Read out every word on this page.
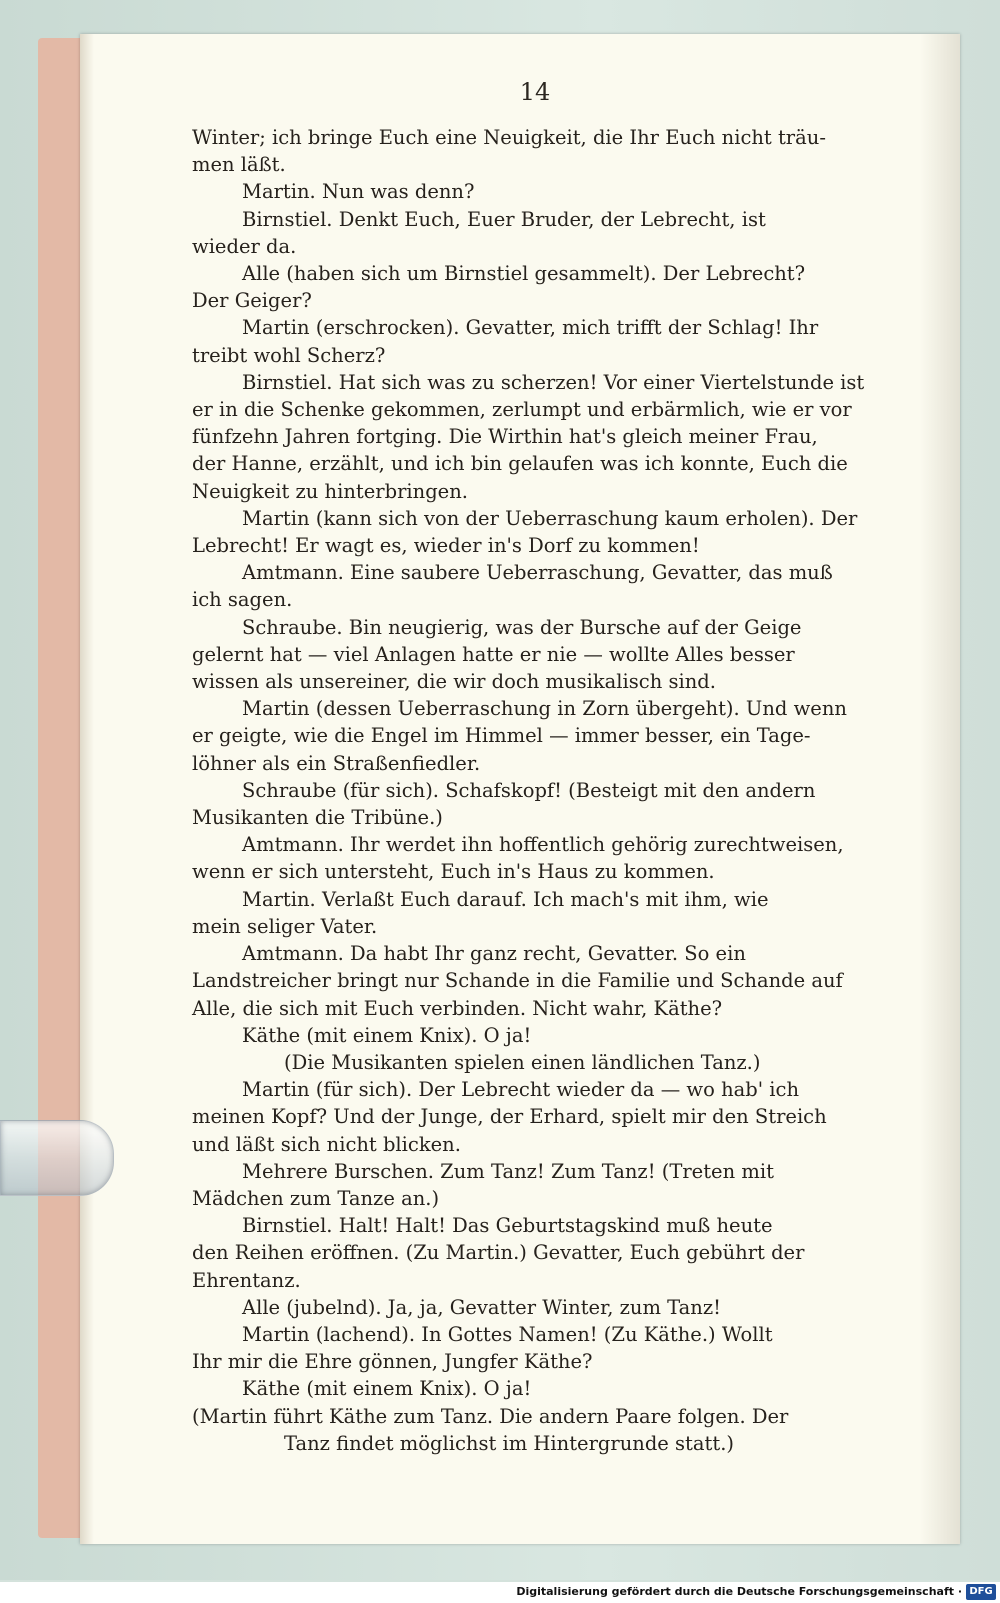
14
Winter; ich bringe Euch eine Neuigkeit, die Ihr Euch nicht träu-
men läßt.
Martin. Nun was denn?
Birnstiel. Denkt Euch, Euer Bruder, der Lebrecht, ist
wieder da.
Alle (haben sich um Birnstiel gesammelt). Der Lebrecht?
Der Geiger?
Martin (erschrocken). Gevatter, mich trifft der Schlag! Ihr
treibt wohl Scherz?
Birnstiel. Hat sich was zu scherzen! Vor einer Viertelstunde ist
er in die Schenke gekommen, zerlumpt und erbärmlich, wie er vor
fünfzehn Jahren fortging. Die Wirthin hat's gleich meiner Frau,
der Hanne, erzählt, und ich bin gelaufen was ich konnte, Euch die
Neuigkeit zu hinterbringen.
Martin (kann sich von der Ueberraschung kaum erholen). Der
Lebrecht! Er wagt es, wieder in's Dorf zu kommen!
Amtmann. Eine saubere Ueberraschung, Gevatter, das muß
ich sagen.
Schraube. Bin neugierig, was der Bursche auf der Geige
gelernt hat — viel Anlagen hatte er nie — wollte Alles besser
wissen als unsereiner, die wir doch musikalisch sind.
Martin (dessen Ueberraschung in Zorn übergeht). Und wenn
er geigte, wie die Engel im Himmel — immer besser, ein Tage-
löhner als ein Straßenfiedler.
Schraube (für sich). Schafskopf! (Besteigt mit den andern
Musikanten die Tribüne.)
Amtmann. Ihr werdet ihn hoffentlich gehörig zurechtweisen,
wenn er sich untersteht, Euch in's Haus zu kommen.
Martin. Verlaßt Euch darauf. Ich mach's mit ihm, wie
mein seliger Vater.
Amtmann. Da habt Ihr ganz recht, Gevatter. So ein
Landstreicher bringt nur Schande in die Familie und Schande auf
Alle, die sich mit Euch verbinden. Nicht wahr, Käthe?
Käthe (mit einem Knix). O ja!
(Die Musikanten spielen einen ländlichen Tanz.)
Martin (für sich). Der Lebrecht wieder da — wo hab' ich
meinen Kopf? Und der Junge, der Erhard, spielt mir den Streich
und läßt sich nicht blicken.
Mehrere Burschen. Zum Tanz! Zum Tanz! (Treten mit
Mädchen zum Tanze an.)
Birnstiel. Halt! Halt! Das Geburtstagskind muß heute
den Reihen eröffnen. (Zu Martin.) Gevatter, Euch gebührt der
Ehrentanz.
Alle (jubelnd). Ja, ja, Gevatter Winter, zum Tanz!
Martin (lachend). In Gottes Namen! (Zu Käthe.) Wollt
Ihr mir die Ehre gönnen, Jungfer Käthe?
Käthe (mit einem Knix). O ja!
(Martin führt Käthe zum Tanz. Die andern Paare folgen. Der
Tanz findet möglichst im Hintergrunde statt.)
Digitalisierung gefördert durch die Deutsche Forschungsgemeinschaft · DFG
